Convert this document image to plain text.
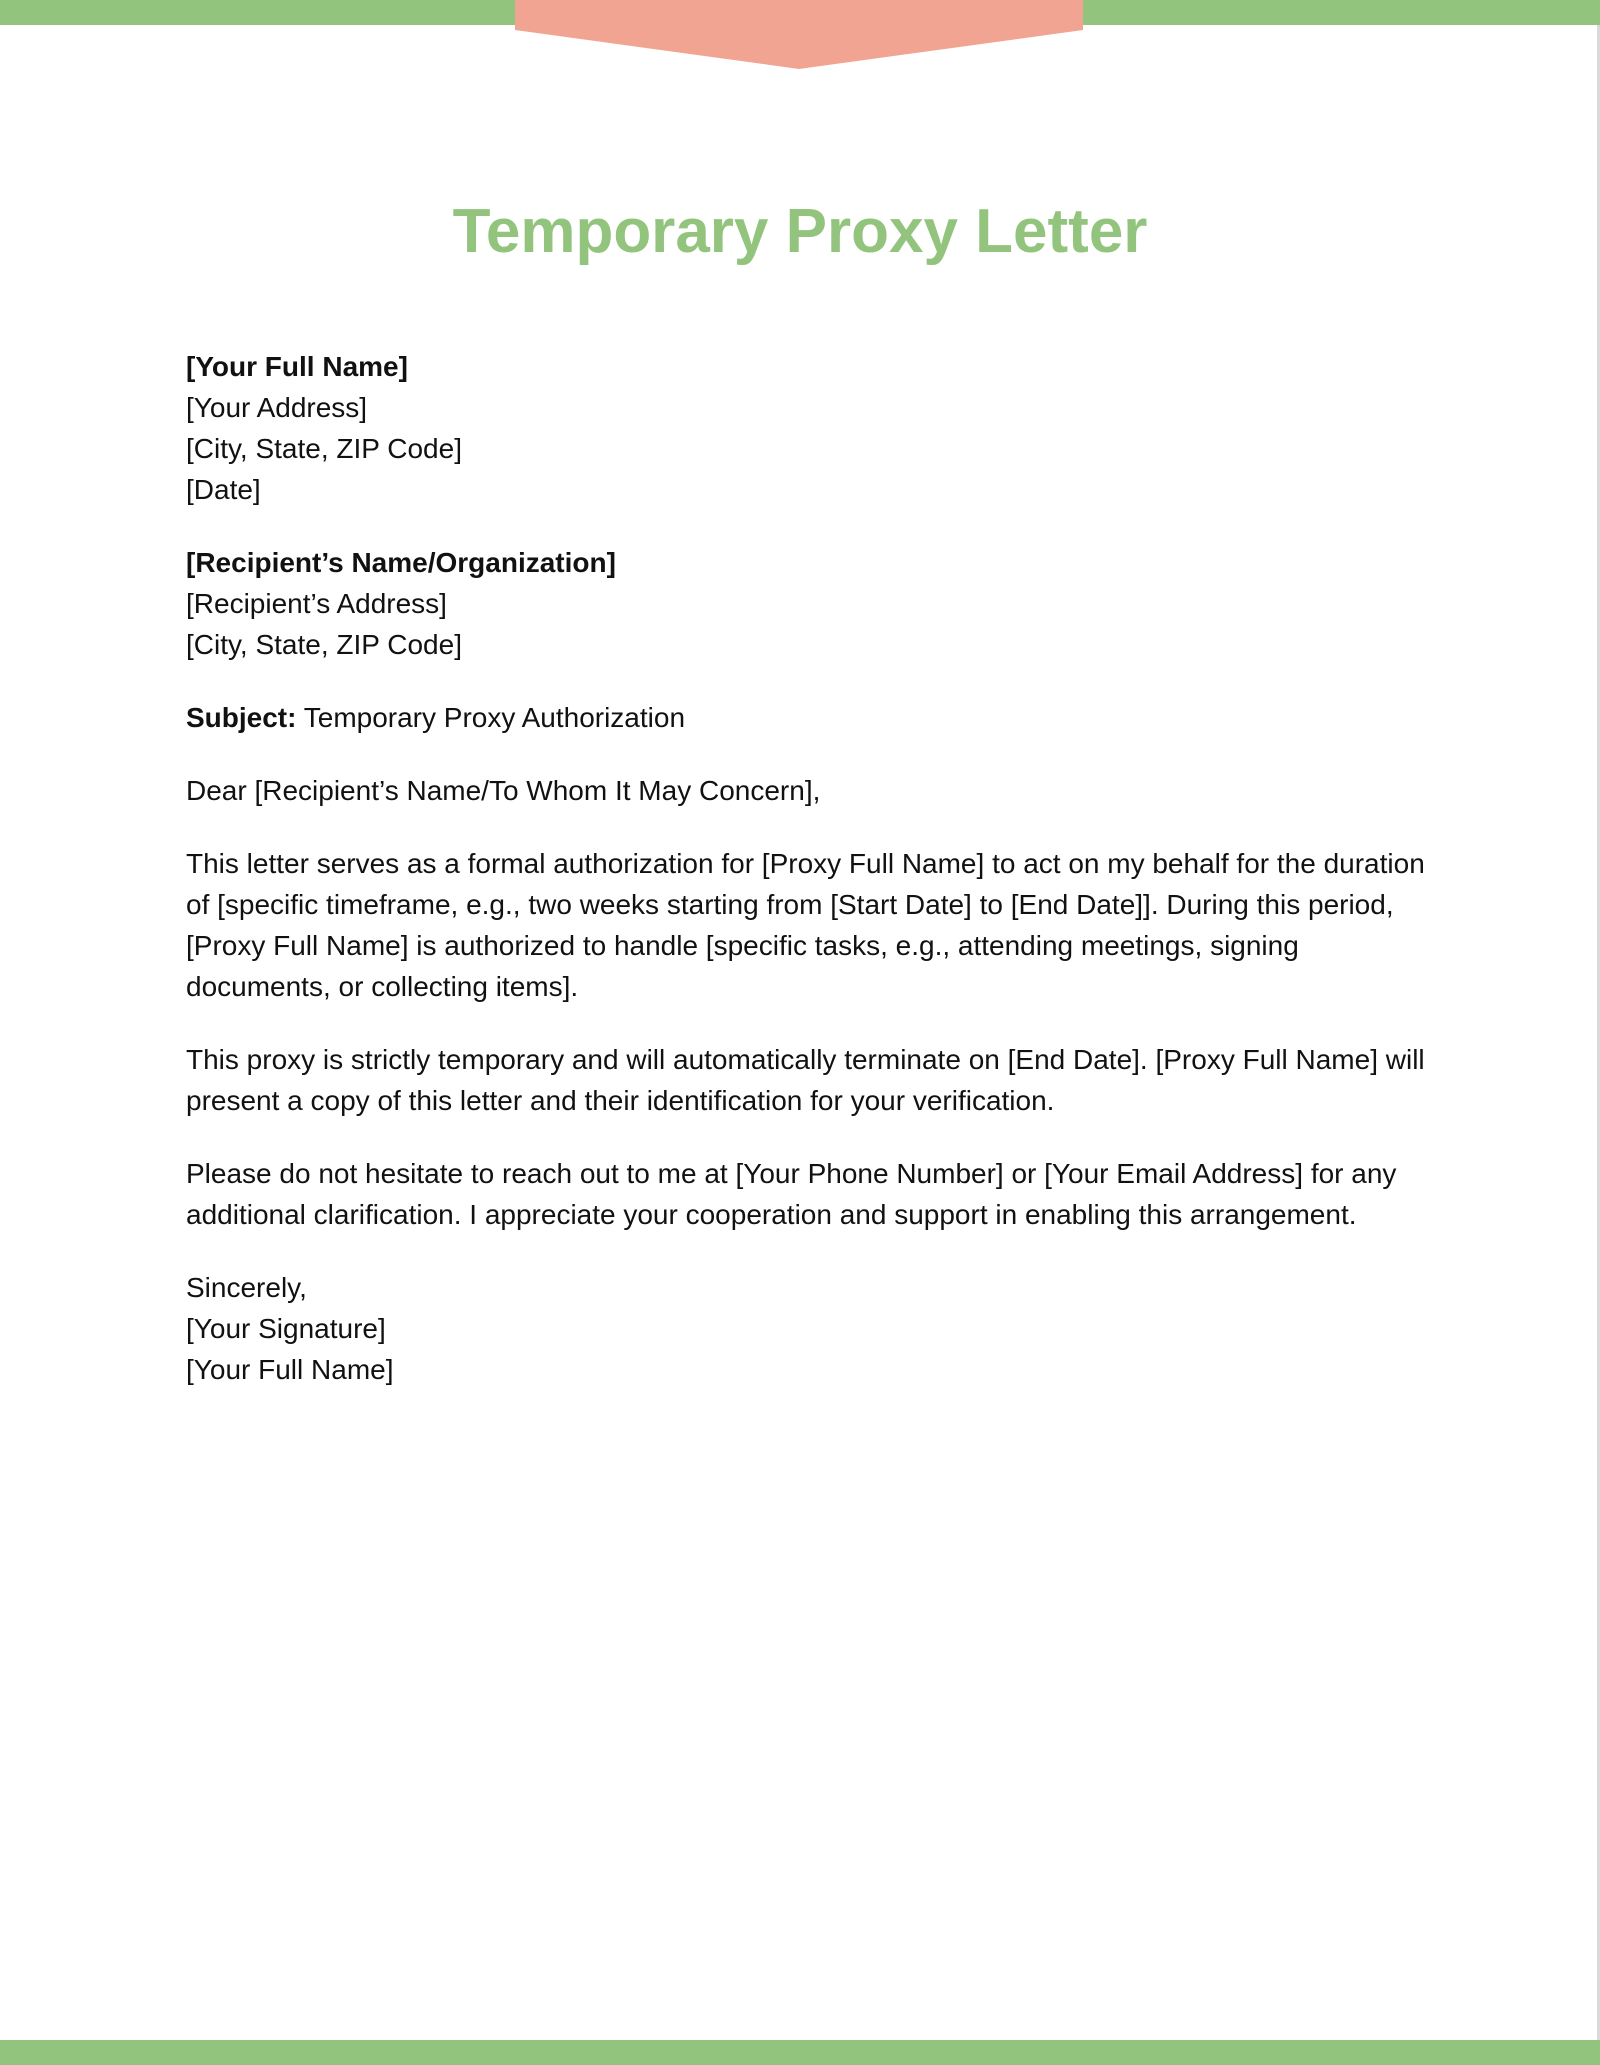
Temporary Proxy Letter

[Your Full Name]

[Your Address]

[City, State, ZIP Code]

[Date]

[Recipient’s Name/Organization]

[Recipient’s Address]

[City, State, ZIP Code]

Subject: Temporary Proxy Authorization

Dear [Recipient’s Name/To Whom It May Concern],

This letter serves as a formal authorization for [Proxy Full Name] to act on my behalf for the duration of [specific timeframe, e.g., two weeks starting from [Start Date] to [End Date]]. During this period, [Proxy Full Name] is authorized to handle [specific tasks, e.g., attending meetings, signing documents, or collecting items].

This proxy is strictly temporary and will automatically terminate on [End Date]. [Proxy Full Name] will present a copy of this letter and their identification for your verification.

Please do not hesitate to reach out to me at [Your Phone Number] or [Your Email Address] for any additional clarification. I appreciate your cooperation and support in enabling this arrangement.

Sincerely,

[Your Signature]

[Your Full Name]
